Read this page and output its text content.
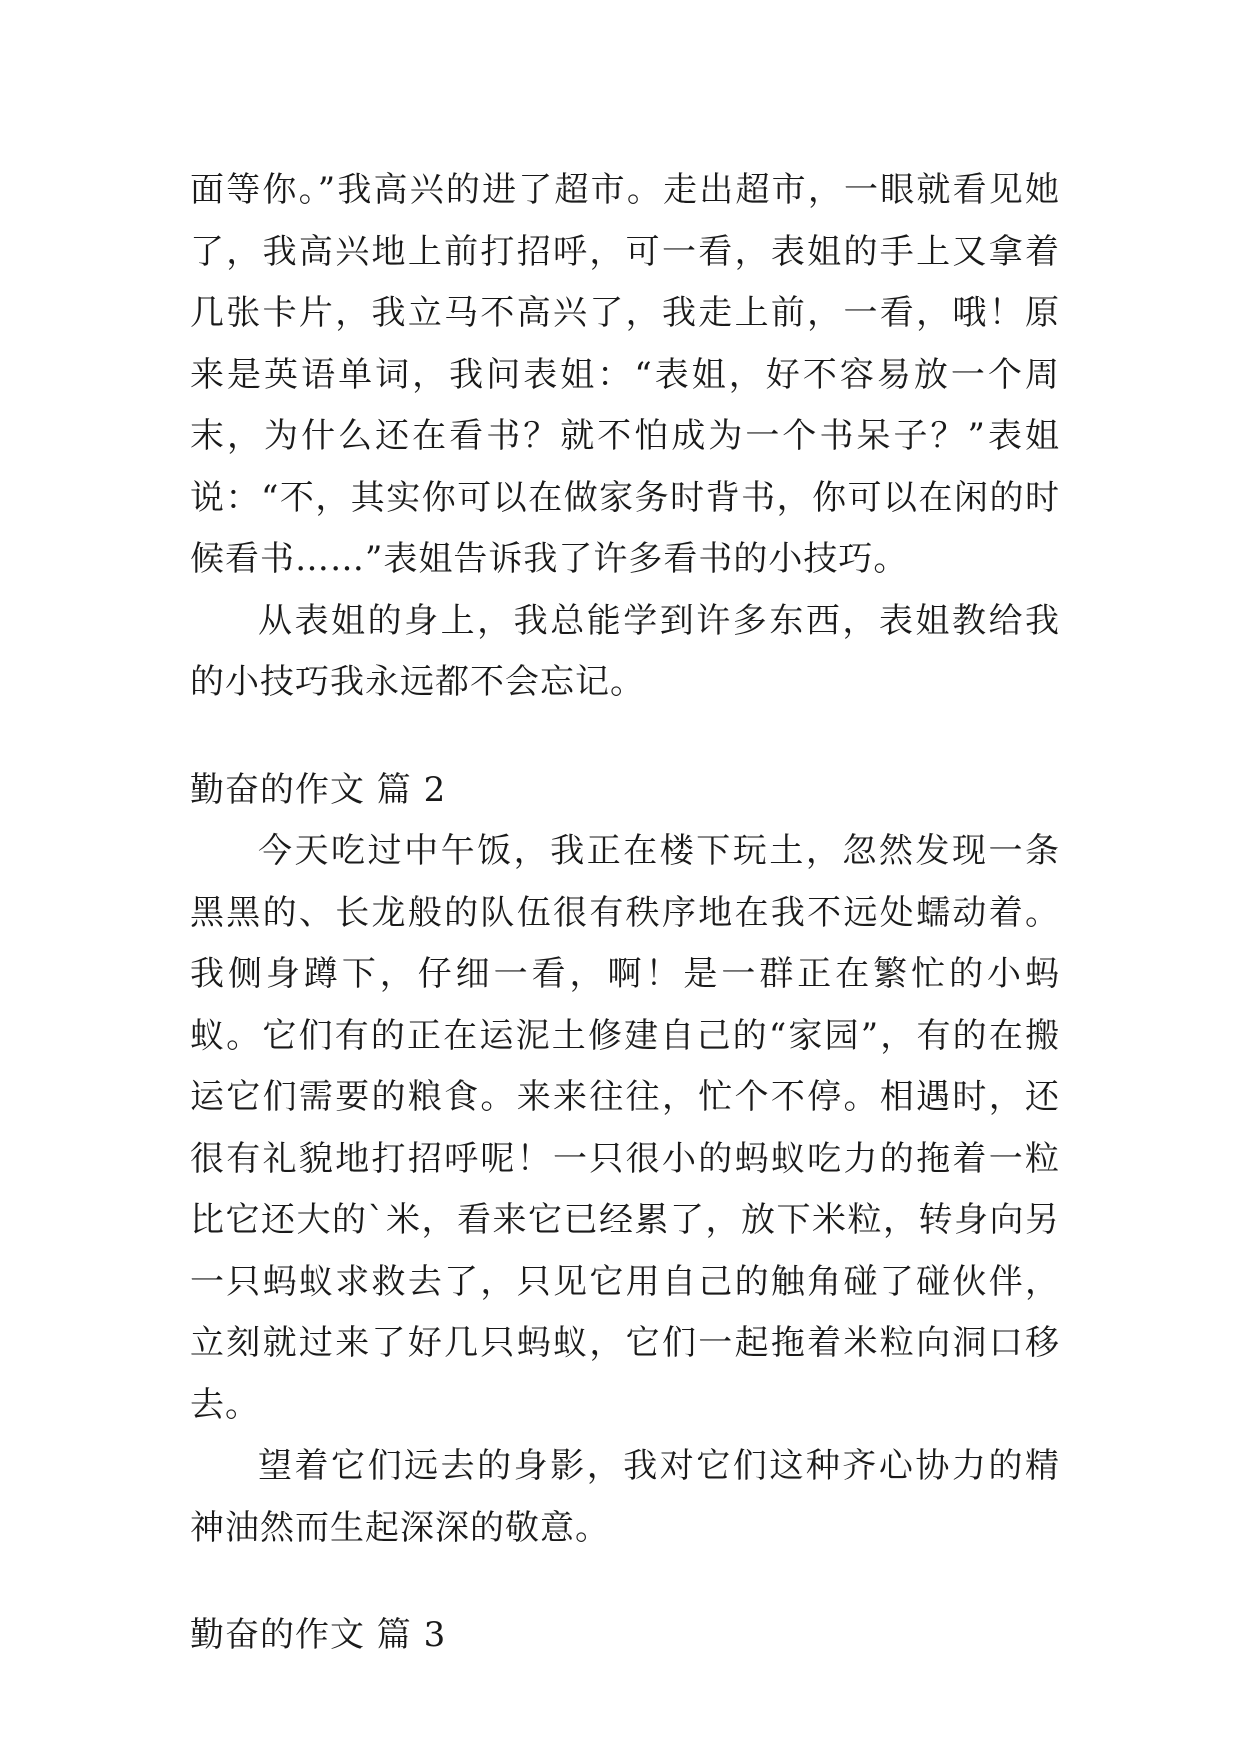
面等你。”我高兴的进了超市。走出超市，一眼就看见她了，我高兴地上前打招呼，可一看，表姐的手上又拿着几张卡片，我立马不高兴了，我走上前，一看，哦！原来是英语单词，我问表姐：“表姐，好不容易放一个周末，为什么还在看书？就不怕成为一个书呆子？”表姐说：“不，其实你可以在做家务时背书，你可以在闲的时候看书……”表姐告诉我了许多看书的小技巧。

从表姐的身上，我总能学到许多东西，表姐教给我的小技巧我永远都不会忘记。

勤奋的作文 篇 2

今天吃过中午饭，我正在楼下玩土，忽然发现一条黑黑的、长龙般的队伍很有秩序地在我不远处蠕动着。我侧身蹲下，仔细一看，啊！是一群正在繁忙的小蚂蚁。它们有的正在运泥土修建自己的“家园”，有的在搬运它们需要的粮食。来来往往，忙个不停。相遇时，还很有礼貌地打招呼呢！一只很小的蚂蚁吃力的拖着一粒比它还大的`米，看来它已经累了，放下米粒，转身向另一只蚂蚁求救去了，只见它用自己的触角碰了碰伙伴，立刻就过来了好几只蚂蚁，它们一起拖着米粒向洞口移去。

望着它们远去的身影，我对它们这种齐心协力的精神油然而生起深深的敬意。

勤奋的作文 篇 3
